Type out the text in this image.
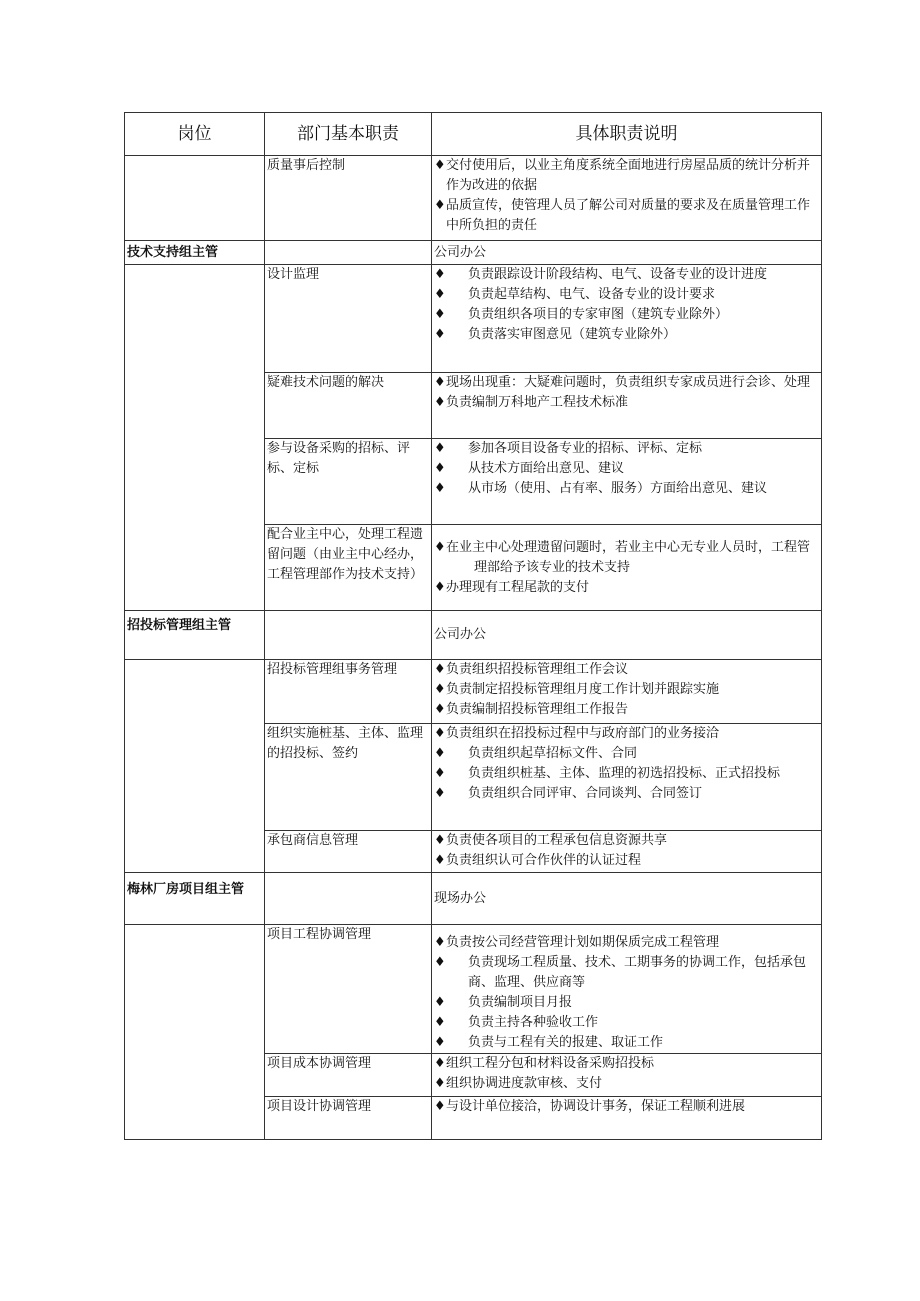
岗位	部门基本职责	具体职责说明
	质量事后控制	♦交付使用后，以业主角度系统全面地进行房屋品质的统计分析并作为改进的依据
♦品质宣传，使管理人员了解公司对质量的要求及在质量管理工作中所负担的责任

技术支持组主管		公司办公
	设计监理	♦ 负责跟踪设计阶段结构、电气、设备专业的设计进度
♦ 负责起草结构、电气、设备专业的设计要求
♦ 负责组织各项目的专家审图（建筑专业除外）
♦ 负责落实审图意见（建筑专业除外）

	疑难技术问题的解决	♦现场出现重：大疑难问题时，负责组织专家成员进行会诊、处理
♦负责编制万科地产工程技术标准

	参与设备采购的招标、评标、定标	♦ 参加各项目设备专业的招标、评标、定标
♦ 从技术方面给出意见、建议
♦ 从市场（使用、占有率、服务）方面给出意见、建议

	配合业主中心，处理工程遗留问题（由业主中心经办，工程管理部作为技术支持）	♦在业主中心处理遗留问题时，若业主中心无专业人员时，工程管理部给予该专业的技术支持
♦办理现有工程尾款的支付

招投标管理组主管		公司办公
	招投标管理组事务管理	♦负责组织招投标管理组工作会议
♦负责制定招投标管理组月度工作计划并跟踪实施
♦负责编制招投标管理组工作报告

	组织实施桩基、主体、监理的招投标、签约	♦负责组织在招投标过程中与政府部门的业务接洽
♦ 负责组织起草招标文件、合同
♦ 负责组织桩基、主体、监理的初选招投标、正式招投标
♦ 负责组织合同评审、合同谈判、合同签订

	承包商信息管理	♦负责使各项目的工程承包信息资源共享
♦负责组织认可合作伙伴的认证过程

梅林厂房项目组主管		现场办公
	项目工程协调管理	♦负责按公司经营管理计划如期保质完成工程管理
♦ 负责现场工程质量、技术、工期事务的协调工作，包括承包商、监理、供应商等
♦ 负责编制项目月报
♦ 负责主持各种验收工作
♦ 负责与工程有关的报建、取证工作

	项目成本协调管理	♦组织工程分包和材料设备采购招投标
♦组织协调进度款审核、支付

	项目设计协调管理	♦与设计单位接洽，协调设计事务，保证工程顺利进展
